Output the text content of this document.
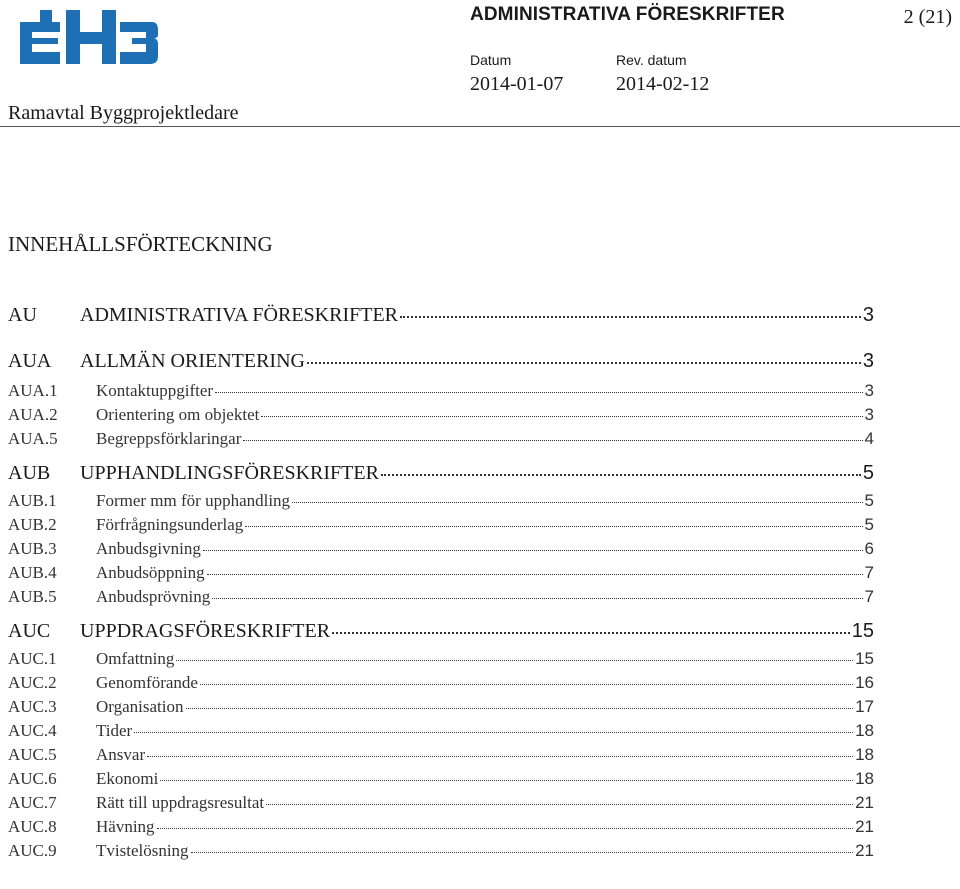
EHB	ADMINISTRATIVA FÖRESKRIFTER	2 (21)
Datum	Rev. datum
2014-01-07	2014-02-12
Ramavtal Byggprojektledare
INNEHÅLLSFÖRTECKNING
AU	ADMINISTRATIVA FÖRESKRIFTER	3
AUA	ALLMÄN ORIENTERING	3
AUA.1	Kontaktuppgifter	3
AUA.2	Orientering om objektet	3
AUA.5	Begreppsförklaringar	4
AUB	UPPHANDLINGSFÖRESKRIFTER	5
AUB.1	Former mm för upphandling	5
AUB.2	Förfrågningsunderlag	5
AUB.3	Anbudsgivning	6
AUB.4	Anbudsöppning	7
AUB.5	Anbudsprövning	7
AUC	UPPDRAGSFÖRESKRIFTER	15
AUC.1	Omfattning	15
AUC.2	Genomförande	16
AUC.3	Organisation	17
AUC.4	Tider	18
AUC.5	Ansvar	18
AUC.6	Ekonomi	18
AUC.7	Rätt till uppdragsresultat	21
AUC.8	Hävning	21
AUC.9	Tvistelösning	21
